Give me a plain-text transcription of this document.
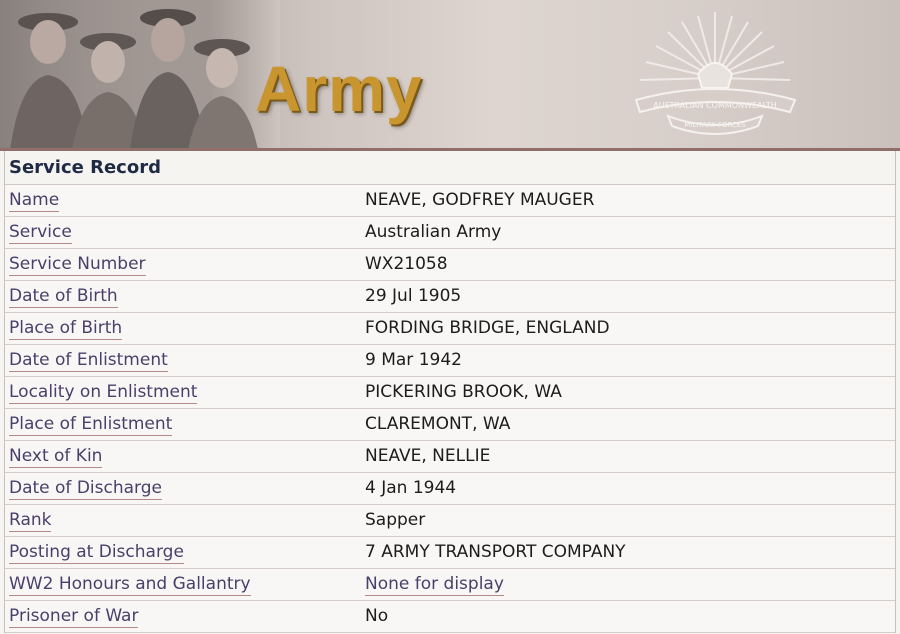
Army	AUSTRALIAN COMMONWEALTH
MILITARY FORCES
Service Record
Name	NEAVE, GODFREY MAUGER
Service	Australian Army
Service Number	WX21058
Date of Birth	29 Jul 1905
Place of Birth	FORDING BRIDGE, ENGLAND
Date of Enlistment	9 Mar 1942
Locality on Enlistment	PICKERING BROOK, WA
Place of Enlistment	CLAREMONT, WA
Next of Kin	NEAVE, NELLIE
Date of Discharge	4 Jan 1944
Rank	Sapper
Posting at Discharge	7 ARMY TRANSPORT COMPANY
WW2 Honours and Gallantry	None for display
Prisoner of War	No
